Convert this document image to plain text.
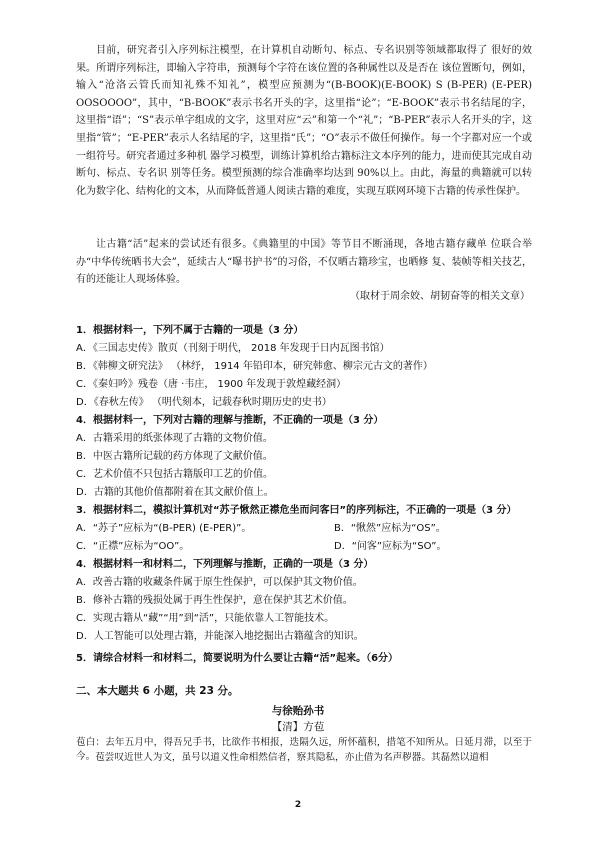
目前，研究者引入序列标注模型，在计算机自动断句、标点、专名识别等领域都取得了 很好的效果。所谓序列标注，即输入字符串，预测每个字符在该位置的各种属性以及是否在 该位置断句，例如，输入“沧洛云管氏而知礼殊不知礼”，模型应预测为“(B-BOOK)(E-BOOK) S (B-PER) (E-PER) OOSOOOO”，其中，“B-BOOK”表示书名开头的字，这里指“论”；“E-BOOK”表示书名结尾的字，这里指“语”；“S”表示单字组成的文字，这里对应“云”和第一个“礼”；“B-PER”表示人名开头的字，这里指“管”；“E-PER”表示人名结尾的字，这里指“氏”；“O”表示不做任何操作。每一个字都对应一个或一组符号。研究者通过多种机 器学习模型，训练计算机给古籍标注文本序列的能力，进而使其完成自动断句、标点、专名识 别等任务。模型预测的综合准确率均达到 90%以上。由此，海量的典籍就可以转化为数字化、结构化的文本，从而降低普通人阅读古籍的难度，实现互联网环境下古籍的传承性保护。

让古籍“活”起来的尝试还有很多。《典籍里的中国》等节目不断涌现，各地古籍存藏单 位联合举办“中华传统晒书大会”，延续古人“曝书护书”的习俗，不仅晒古籍珍宝，也晒修 复、装帧等相关技艺，有的还能让人现场体验。

（取材于周余姣、胡韧奋等的相关文章）

1．根据材料一，下列不属于古籍的一项是（3 分）

A．《三国志史传》散页（刊刻于明代， 2018 年发现于日内瓦图书馆）

B．《韩柳文研究法》 （林纾， 1914 年铅印本，研究韩愈、柳宗元古文的著作）

C．《秦妇吟》残卷（唐 ·韦庄， 1900 年发现于敦煌藏经洞）

D．《春秋左传》 （明代刻本，记载春秋时期历史的史书）

4．根据材料一，下列对古籍的理解与推断，不正确的一项是（3 分）

A．古籍采用的纸张体现了古籍的文物价值。

B．中医古籍所记载的药方体现了文献价值。

C．艺术价值不只包括古籍版印工艺的价值。

D．古籍的其他价值都附着在其文献价值上。

3．根据材料二，模拟计算机对“苏子愀然正襟危坐而问客曰”的序列标注，不正确的一项是（3 分）

A．“苏子”应标为“(B-PER) (E-PER)”。	B．“愀然”应标为“OS”。
C．“正襟”应标为“OO”。	D．“问客”应标为“SO”。

4．根据材料一和材料二，下列理解与推断，正确的一项是（3 分）

A．改善古籍的收藏条件属于原生性保护，可以保护其文物价值。

B．修补古籍的残损处属于再生性保护，意在保护其艺术价值。

C．实现古籍从“藏”“用”到“活”，只能依靠人工智能技术。

D．人工智能可以处理古籍，并能深入地挖掘出古籍蕴含的知识。

5．请综合材料一和材料二，简要说明为什么要让古籍“活”起来。（6分）

二、本大题共 6 小题，共 23 分。

与徐贻孙书

【清】方苞

苞白：去年五月中，得吾兄手书，比欲作书相报，迭隔久远，所怀蕴积，措笔不知所从。日延月滞，以至于今。 苞尝叹近世人为文，虽号以道义性命相然信者，察其隐私，亦止借为名声秽器。其磊然以道相

2
